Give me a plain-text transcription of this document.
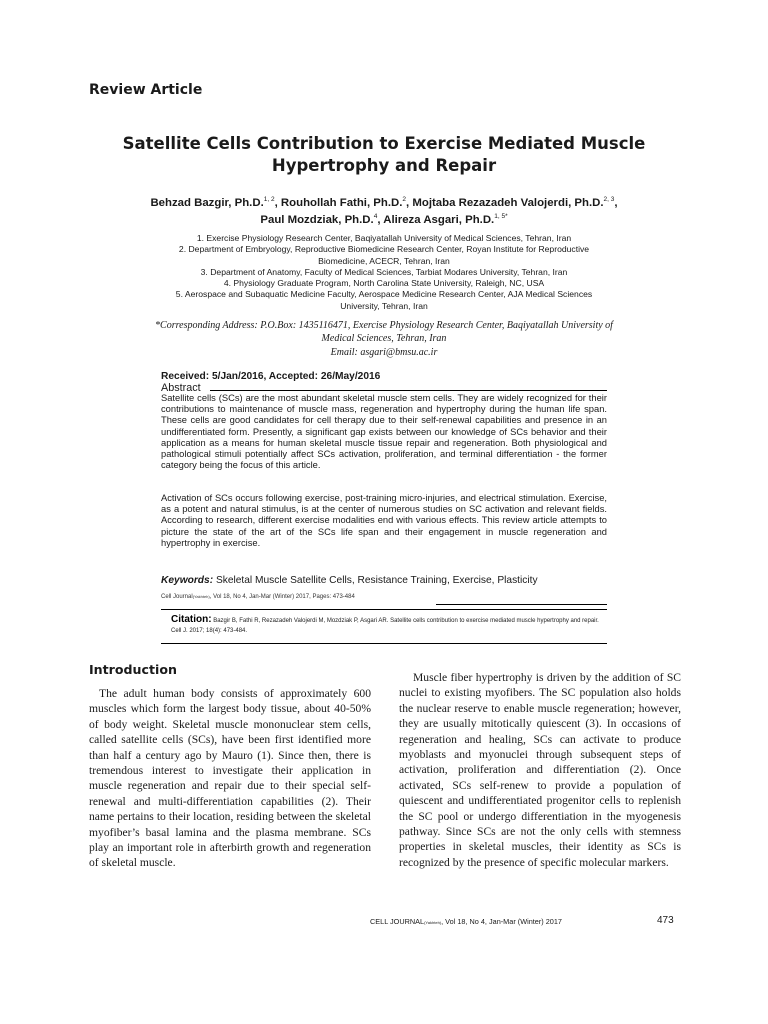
Review Article
Satellite Cells Contribution to Exercise Mediated Muscle
Hypertrophy and Repair
Behzad Bazgir, Ph.D.$^{1, 2}$, Rouhollah Fathi, Ph.D.$^2$, Mojtaba Rezazadeh Valojerdi, Ph.D.$^{2, 3}$,
Paul Mozdziak, Ph.D.$^4$, Alireza Asgari, Ph.D.$^{1, 5*}$
1. Exercise Physiology Research Center, Baqiyatallah University of Medical Sciences, Tehran, Iran
2. Department of Embryology, Reproductive Biomedicine Research Center, Royan Institute for Reproductive
Biomedicine, ACECR, Tehran, Iran
3. Department of Anatomy, Faculty of Medical Sciences, Tarbiat Modares University, Tehran, Iran
4. Physiology Graduate Program, North Carolina State University, Raleigh, NC, USA
5. Aerospace and Subaquatic Medicine Faculty, Aerospace Medicine Research Center, AJA Medical Sciences
University, Tehran, Iran
*Corresponding Address: P.O.Box: 1435116471, Exercise Physiology Research Center, Baqiyatallah University of
Medical Sciences, Tehran, Iran
Email: asgari@bmsu.ac.ir
Received: 5/Jan/2016, Accepted: 26/May/2016
Abstract

Satellite cells (SCs) are the most abundant skeletal muscle stem cells. They are widely recognized for their contributions to maintenance of muscle mass, regeneration and hypertrophy during the human life span. These cells are good candidates for cell therapy due to their self-renewal capabilities and presence in an undifferentiated form. Presently, a significant gap exists between our knowledge of SCs behavior and their application as a means for human skeletal muscle tissue repair and regeneration. Both physiological and pathological stimuli potentially affect SCs activation, proliferation, and terminal differentiation - the former category being the focus of this article.

Activation of SCs occurs following exercise, post-training micro-injuries, and electrical stimulation. Exercise, as a potent and natural stimulus, is at the center of numerous studies on SC activation and relevant fields. According to research, different exercise modalities end with various effects. This review article attempts to picture the state of the art of the SCs life span and their engagement in muscle regeneration and hypertrophy in exercise.

Keywords: Skeletal Muscle Satellite Cells, Resistance Training, Exercise, Plasticity
Cell Journal(Yakhteh), Vol 18, No 4, Jan-Mar (Winter) 2017, Pages: 473-484
Citation: Bazgir B, Fathi R, Rezazadeh Valojerdi M, Mozdziak P, Asgari AR. Satellite cells contribution to exercise mediated muscle hypertrophy and repair. Cell J. 2017; 18(4): 473-484.
Introduction

The adult human body consists of approximately 600 muscles which form the largest body tissue, about 40-50% of body weight. Skeletal muscle mononuclear stem cells, called satellite cells (SCs), have been first identified more than half a century ago by Mauro (1). Since then, there is tremendous interest to investigate their application in muscle regeneration and repair due to their special self-renewal and multi-differentiation capabilities (2). Their name pertains to their location, residing between the skeletal myofiber’s basal lamina and the plasma membrane. SCs play an important role in afterbirth growth and regeneration of skeletal muscle.

Muscle fiber hypertrophy is driven by the addition of SC nuclei to existing myofibers. The SC population also holds the nuclear reserve to enable muscle regeneration; however, they are usually mitotically quiescent (3). In occasions of regeneration and healing, SCs can activate to produce myoblasts and myonuclei through subsequent steps of activation, proliferation and differentiation (2). Once activated, SCs self-renew to provide a population of quiescent and undifferentiated progenitor cells to replenish the SC pool or undergo differentiation in the myogenesis pathway. Since SCs are not the only cells with stemness properties in skeletal muscles, their identity as SCs is recognized by the presence of specific molecular markers.

CELL JOURNAL(Yakhteh), Vol 18, No 4, Jan-Mar (Winter) 2017	473
